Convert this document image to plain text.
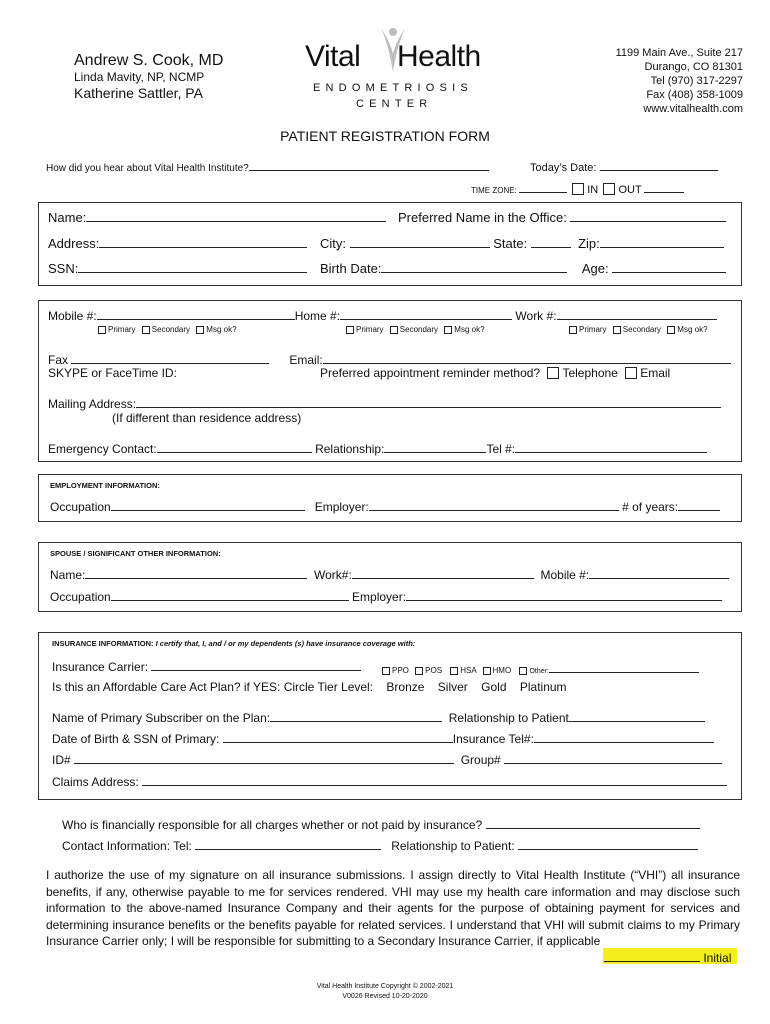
Andrew S. Cook, MD
Linda Mavity, NP, NCMP
Katherine Sattler, PA
Vital Health
ENDOMETRIOSIS
CENTER
1199 Main Ave., Suite 217
Durango, CO 81301
Tel (970) 317-2297
Fax (408) 358-1009
www.vitalhealth.com
PATIENT REGISTRATION FORM
How did you hear about Vital Health Institute?	Today’s Date:
TIME ZONE:	IN OUT
Name:	Preferred Name in the Office:
Address:	City:	State:	Zip:
SSN:	Birth Date:	Age:
Mobile #:	Home #:	Work #:
Primary Secondary Msg ok?	Primary Secondary Msg ok?	Primary Secondary Msg ok?
Fax	Email:
SKYPE or FaceTime ID:	Preferred appointment reminder method? Telephone Email
Mailing Address:
(If different than residence address)
Emergency Contact:	Relationship:	Tel #:
EMPLOYMENT INFORMATION:
Occupation	Employer:	# of years:
SPOUSE / SIGNIFICANT OTHER INFORMATION:
Name:	Work#:	Mobile #:
Occupation	Employer:
INSURANCE INFORMATION: I certify that, I, and / or my dependents (s) have insurance coverage with:
Insurance Carrier:	PPO POS HSA HMO	Other:
Is this an Affordable Care Act Plan? if YES: Circle Tier Level: Bronze Silver Gold Platinum
Name of Primary Subscriber on the Plan:	Relationship to Patient
Date of Birth & SSN of Primary:	Insurance Tel#:
ID#	Group#
Claims Address:
Who is financially responsible for all charges whether or not paid by insurance?
Contact Information: Tel:	Relationship to Patient:
I authorize the use of my signature on all insurance submissions. I assign directly to Vital Health Institute (“VHI”) all insurance benefits, if any, otherwise payable to me for services rendered. VHI may use my health care information and may disclose such information to the above-named Insurance Company and their agents for the purpose of obtaining payment for services and determining insurance benefits or the benefits payable for related services. I understand that VHI will submit claims to my Primary Insurance Carrier only; I will be responsible for submitting to a Secondary Insurance Carrier, if applicable
Initial
Vital Health Institute Copyright © 2002-2021
V0026 Revised 10-20-2020
